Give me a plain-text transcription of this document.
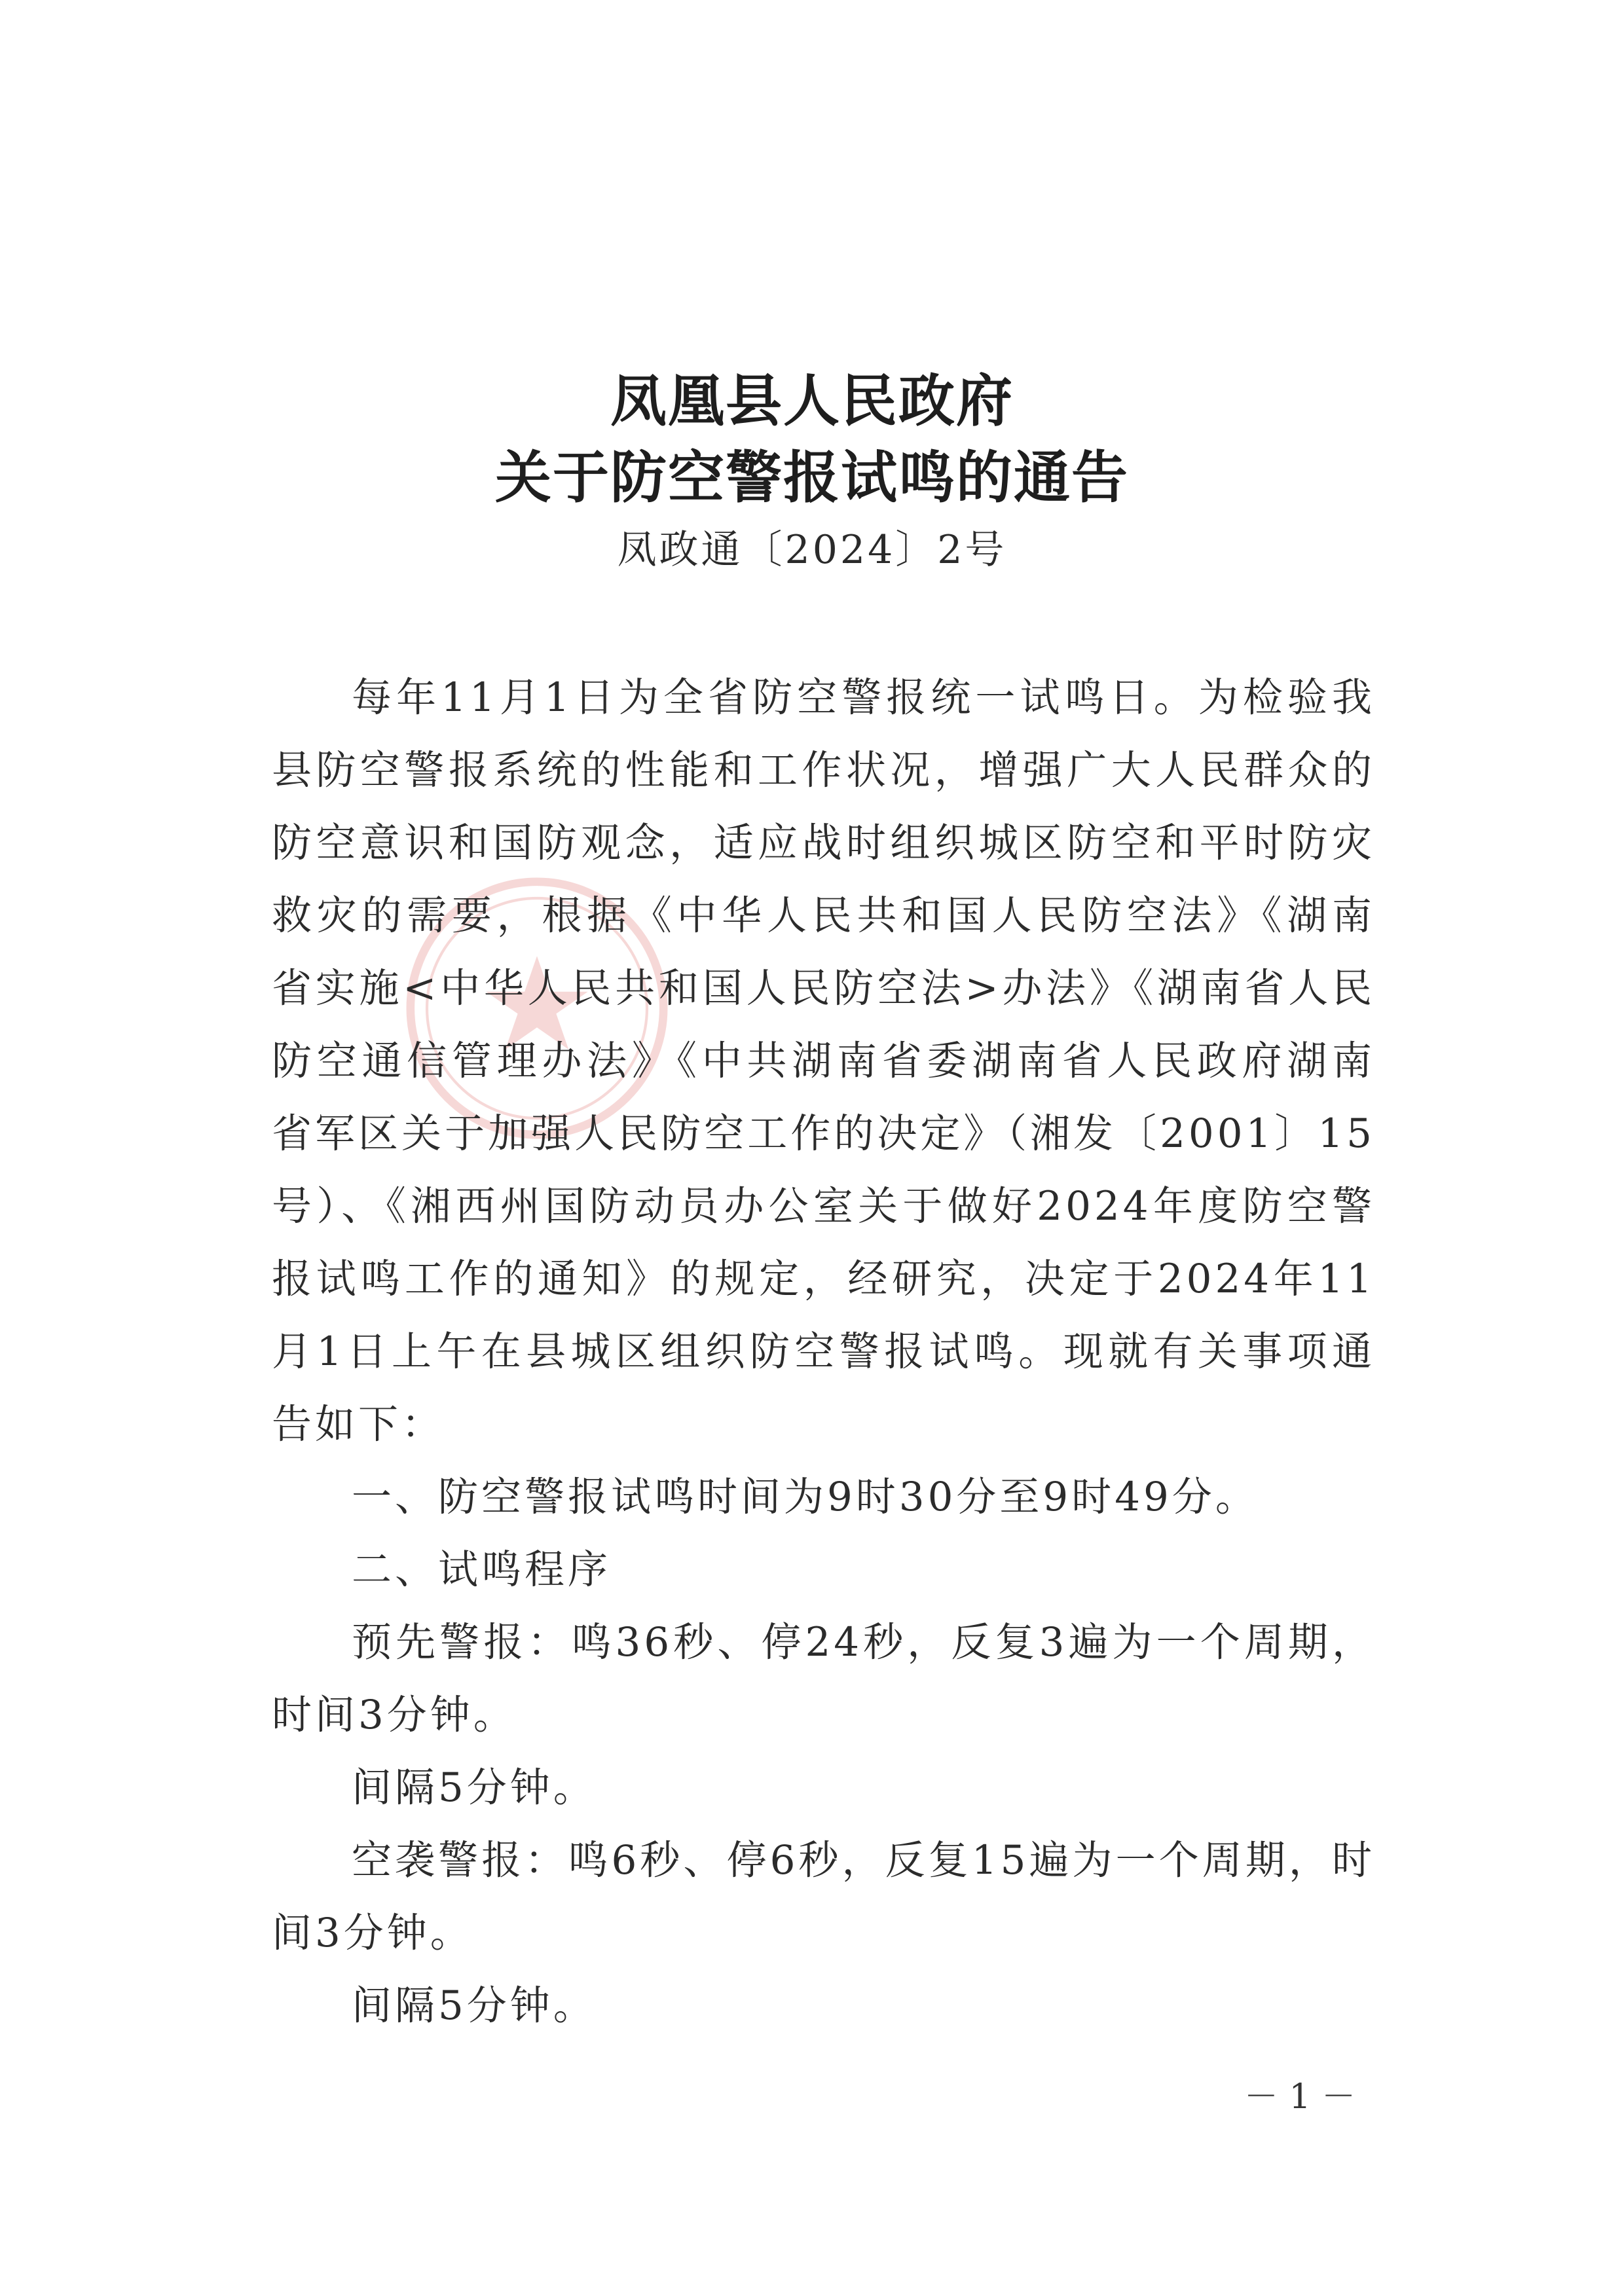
凤凰县人民政府
关于防空警报试鸣的通告
凤政通〔2024〕2号

每年11月1日为全省防空警报统一试鸣日。为检验我县防空警报系统的性能和工作状况，增强广大人民群众的防空意识和国防观念，适应战时组织城区防空和平时防灾救灾的需要，根据《中华人民共和国人民防空法》《湖南省实施<中华人民共和国人民防空法>办法》《湖南省人民防空通信管理办法》《中共湖南省委湖南省人民政府湖南省军区关于加强人民防空工作的决定》（湘发〔2001〕15号）、《湘西州国防动员办公室关于做好2024年度防空警报试鸣工作的通知》的规定，经研究，决定于2024年11月1日上午在县城区组织防空警报试鸣。现就有关事项通告如下：

一、防空警报试鸣时间为9时30分至9时49分。

二、试鸣程序

预先警报：鸣36秒、停24秒，反复3遍为一个周期，时间3分钟。

间隔5分钟。

空袭警报：鸣6秒、停6秒，反复15遍为一个周期，时间3分钟。

间隔5分钟。

－ 1 －
